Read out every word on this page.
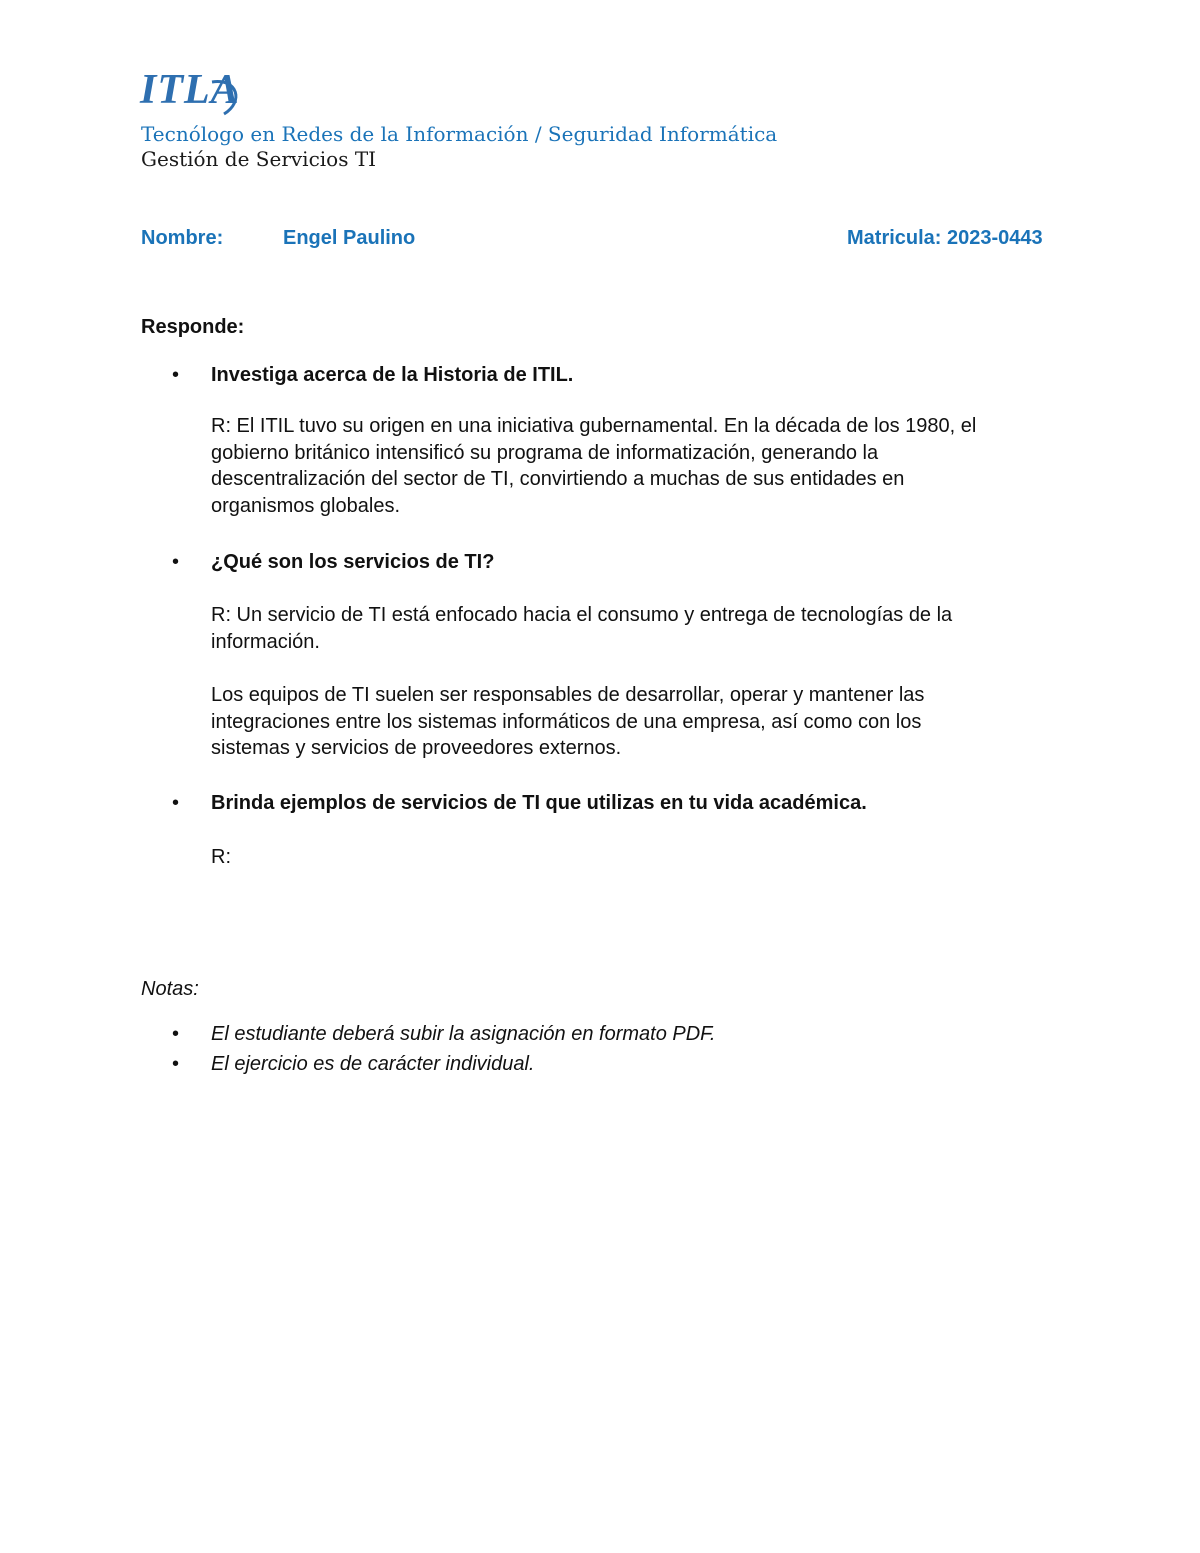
ITLA
Tecnólogo en Redes de la Información / Seguridad Informática
Gestión de Servicios TI
Nombre:	Engel Paulino	Matricula: 2023-0443
Responde:
• Investiga acerca de la Historia de ITIL.
R: El ITIL tuvo su origen en una iniciativa gubernamental. En la década de los 1980, el
gobierno británico intensificó su programa de informatización, generando la
descentralización del sector de TI, convirtiendo a muchas de sus entidades en
organismos globales.
• ¿Qué son los servicios de TI?
R: Un servicio de TI está enfocado hacia el consumo y entrega de tecnologías de la
información.
Los equipos de TI suelen ser responsables de desarrollar, operar y mantener las
integraciones entre los sistemas informáticos de una empresa, así como con los
sistemas y servicios de proveedores externos.
• Brinda ejemplos de servicios de TI que utilizas en tu vida académica.
R:
Notas:
• El estudiante deberá subir la asignación en formato PDF.
• El ejercicio es de carácter individual.
